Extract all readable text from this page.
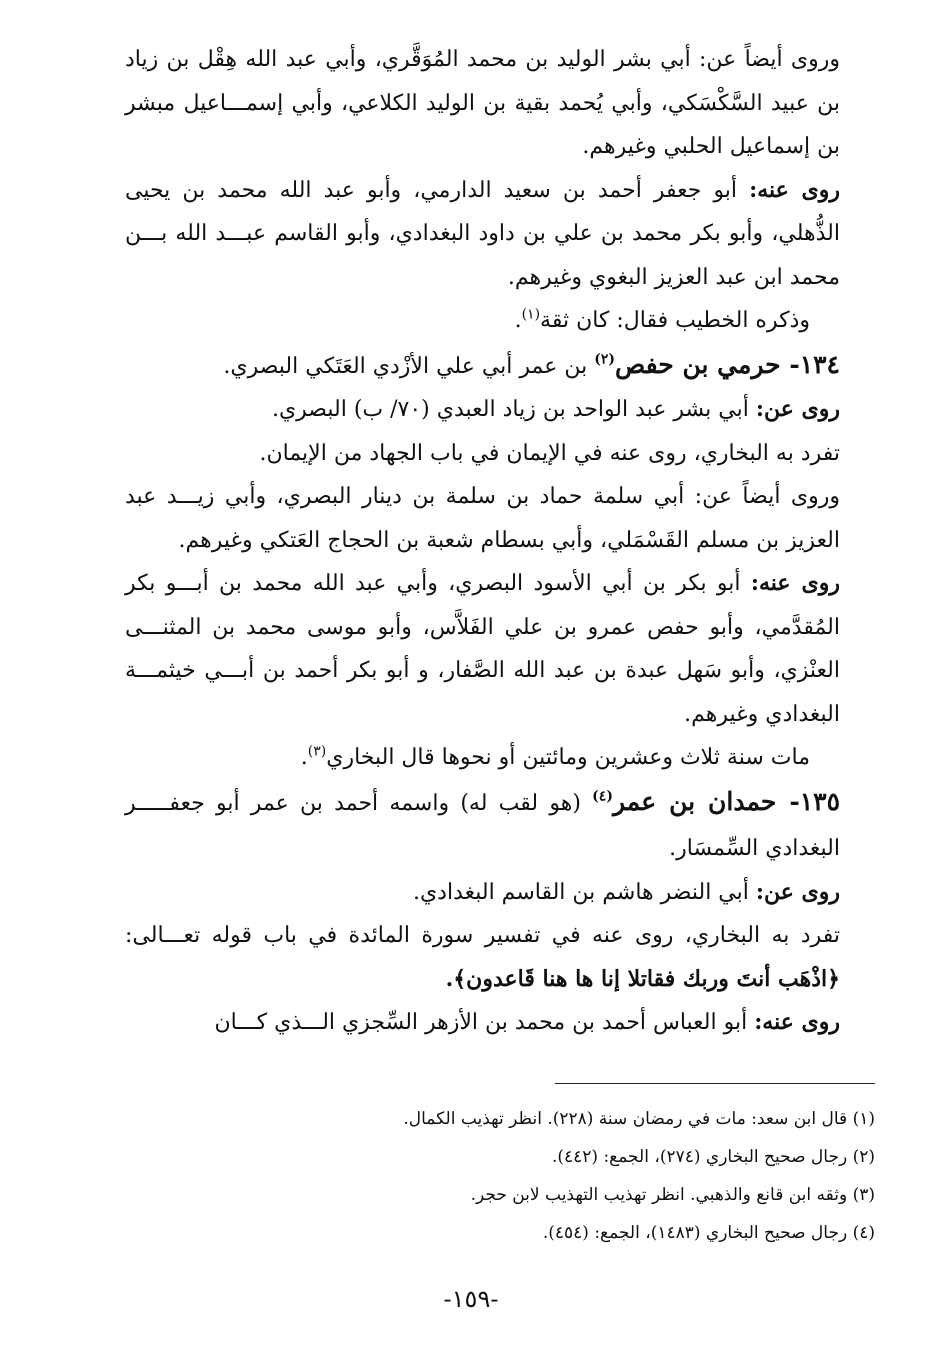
وروى أيضاً عن: أبي بشر الوليد بن محمد المُوَقَّري، وأبي عبد الله هِقْل بن زياد بن عبيد السَّكْسَكي، وأبي يُحمد بقية بن الوليد الكلاعي، وأبي إسمـــاعيل مبشر بن إسماعيل الحلبي وغيرهم.

روى عنه: أبو جعفر أحمد بن سعيد الدارمي، وأبو عبد الله محمد بن يحيى الذُّهلي، وأبو بكر محمد بن علي بن داود البغدادي، وأبو القاسم عبـــد الله بـــن محمد ابن عبد العزيز البغوي وغيرهم.

وذكره الخطيب فقال: كان ثقة$^{(١)}$.

١٣٤- حرمي بن حفص$^{(٢)}$ بن عمر أبي علي الأزْدي العَتَكي البصري.

روى عن: أبي بشر عبد الواحد بن زياد العبدي (٧٠/ ب) البصري.

تفرد به البخاري، روى عنه في الإيمان في باب الجهاد من الإيمان.

وروى أيضاً عن: أبي سلمة حماد بن سلمة بن دينار البصري، وأبي زيـــد عبد العزيز بن مسلم القَسْمَلي، وأبي بسطام شعبة بن الحجاج العَتكي وغيرهم.

روى عنه: أبو بكر بن أبي الأسود البصري، وأبي عبد الله محمد بن أبـــو بكر المُقدَّمي، وأبو حفص عمرو بن علي الفَلاَّس، وأبو موسى محمد بن المثنـــى العنْزي، وأبو سَهل عبدة بن عبد الله الصَّفار، و أبو بكر أحمد بن أبـــي خيثمـــة البغدادي وغيرهم.

مات سنة ثلاث وعشرين ومائتين أو نحوها قال البخاري$^{(٣)}$.

١٣٥- حمدان بن عمر$^{(٤)}$ (هو لقب له) واسمه أحمد بن عمر أبو جعفـــــر البغدادي السِّمسَار.

روى عن: أبي النضر هاشم بن القاسم البغدادي.

تفرد به البخاري، روى عنه في تفسير سورة المائدة في باب قوله تعـــالى: ﴿اذْهَب أنتَ وربك فقاتلا إنا ها هنا قَاعدون﴾.

روى عنه: أبو العباس أحمد بن محمد بن الأزهر السِّجزي الـــذي كـــان

(١) قال ابن سعد: مات في رمضان سنة (٢٢٨). انظر تهذيب الكمال.

(٢) رجال صحيح البخاري (٢٧٤)، الجمع: (٤٤٢).

(٣) وثقه ابن قانع والذهبي. انظر تهذيب التهذيب لابن حجر.

(٤) رجال صحيح البخاري (١٤٨٣)، الجمع: (٤٥٤).

-١٥٩-
